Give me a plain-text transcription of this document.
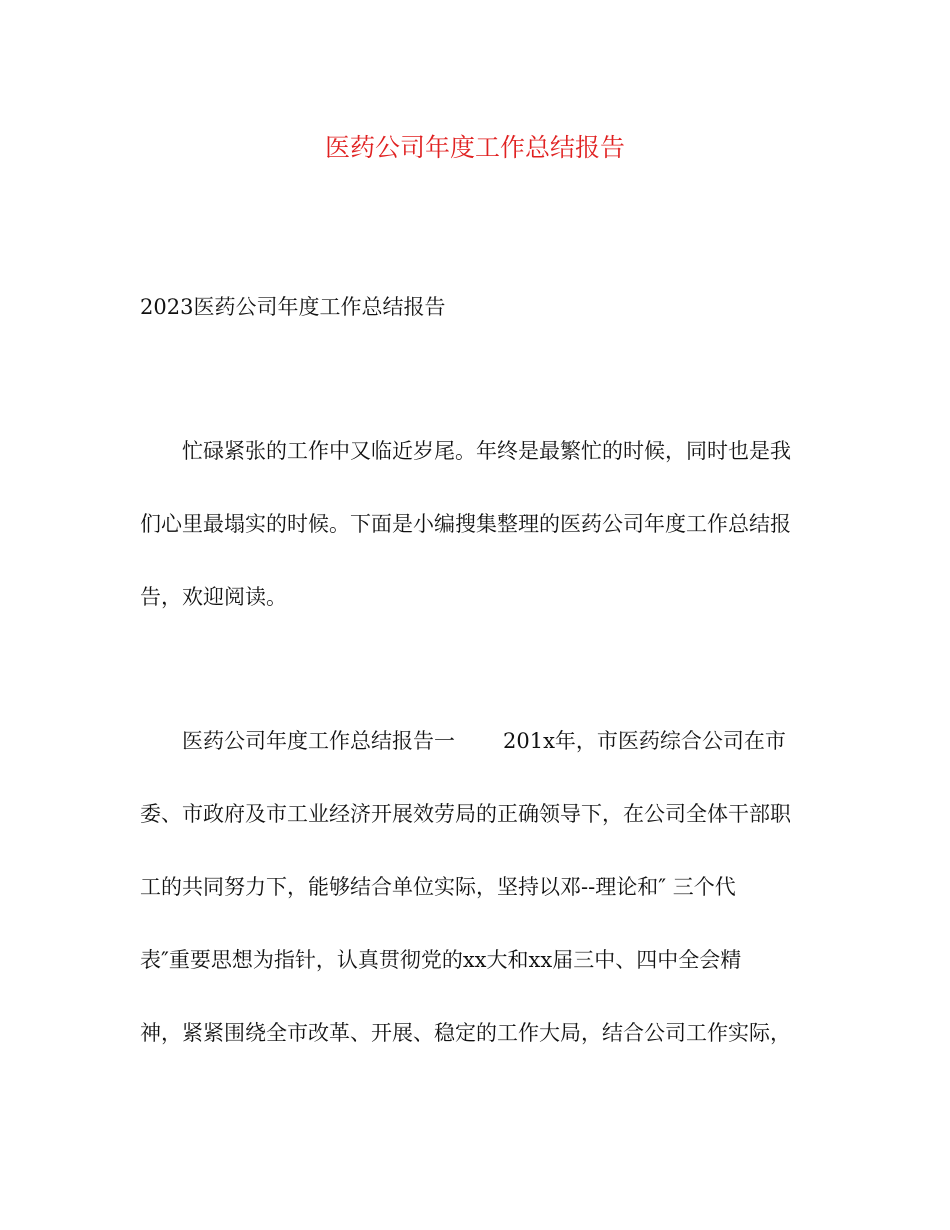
医药公司年度工作总结报告

2023医药公司年度工作总结报告

忙碌紧张的工作中又临近岁尾。年终是最繁忙的时候，同时也是我

们心里最塌实的时候。下面是小编搜集整理的医药公司年度工作总结报

告，欢迎阅读。

医药公司年度工作总结报告一 201x年，市医药综合公司在市

委、市政府及市工业经济开展效劳局的正确领导下，在公司全体干部职

工的共同努力下，能够结合单位实际，坚持以邓--理论和″ 三个代

表″重要思想为指针，认真贯彻党的xx大和xx届三中、四中全会精

神，紧紧围绕全市改革、开展、稳定的工作大局，结合公司工作实际，
